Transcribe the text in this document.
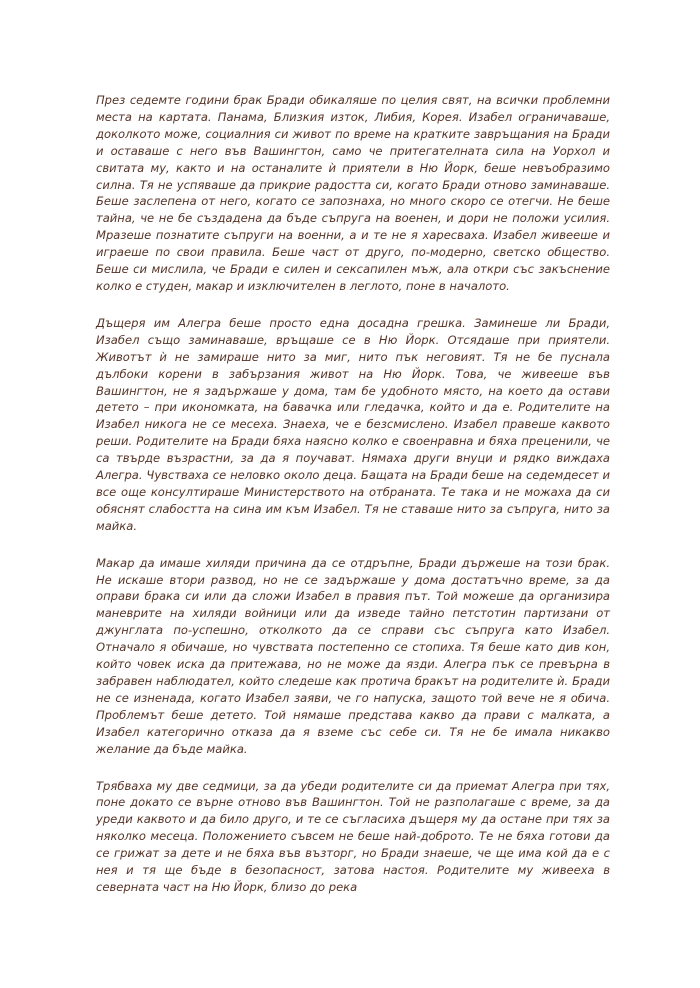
През седемте години брак Бради обикаляше по целия свят, на всички проблемни места на картата. Панама, Близкия изток, Либия, Корея. Изабел ограничаваше, доколкото може, социалния си живот по време на кратките завръщания на Бради и оставаше с него във Вашингтон, само че притегателната сила на Уорхол и свитата му, както и на останалите ѝ приятели в Ню Йорк, беше невъобразимо силна. Тя не успяваше да прикрие радостта си, когато Бради отново заминаваше. Беше заслепена от него, когато се запознаха, но много скоро се отегчи. Не беше тайна, че не бе създадена да бъде съпруга на военен, и дори не положи усилия. Мразеше познатите съпруги на военни, а и те не я харесваха. Изабел живееше и играеше по свои правила. Беше част от друго, по-модерно, светско общество. Беше си мислила, че Бради е силен и сексапилен мъж, ала откри със закъснение колко е студен, макар и изключителен в леглото, поне в началото.

Дъщеря им Алегра беше просто една досадна грешка. Заминеше ли Бради, Изабел също заминаваше, връщаше се в Ню Йорк. Отсядаше при приятели. Животът ѝ не замираше нито за миг, нито пък неговият. Тя не бе пуснала дълбоки корени в забързания живот на Ню Йорк. Това, че живееше във Вашингтон, не я задържаше у дома, там бе удобното място, на което да остави детето – при икономката, на бавачка или гледачка, който и да е. Родителите на Изабел никога не се месеха. Знаеха, че е безсмислено. Изабел правеше каквото реши. Родителите на Бради бяха наясно колко е своенравна и бяха преценили, че са твърде възрастни, за да я поучават. Нямаха други внуци и рядко виждаха Алегра. Чувстваха се неловко около деца. Бащата на Бради беше на седемдесет и все още консултираше Министерството на отбраната. Те така и не можаха да си обяснят слабостта на сина им към Изабел. Тя не ставаше нито за съпруга, нито за майка.

Макар да имаше хиляди причина да се отдръпне, Бради държеше на този брак. Не искаше втори развод, но не се задържаше у дома достатъчно време, за да оправи брака си или да сложи Изабел в правия път. Той можеше да организира маневрите на хиляди войници или да изведе тайно петстотин партизани от джунглата по-успешно, отколкото да се справи със съпруга като Изабел. Отначало я обичаше, но чувствата постепенно се стопиха. Тя беше като див кон, който човек иска да притежава, но не може да язди. Алегра пък се превърна в забравен наблюдател, който следеше как протича бракът на родителите ѝ. Бради не се изненада, когато Изабел заяви, че го напуска, защото той вече не я обича. Проблемът беше детето. Той нямаше представа какво да прави с малката, а Изабел категорично отказа да я вземе със себе си. Тя не бе имала никакво желание да бъде майка.

Трябваха му две седмици, за да убеди родителите си да приемат Алегра при тях, поне докато се върне отново във Вашингтон. Той не разполагаше с време, за да уреди каквото и да било друго, и те се съгласиха дъщеря му да остане при тях за няколко месеца. Положението съвсем не беше най-доброто. Те не бяха готови да се грижат за дете и не бяха във възторг, но Бради знаеше, че ще има кой да е с нея и тя ще бъде в безопасност, затова настоя. Родителите му живееха в северната част на Ню Йорк, близо до река
